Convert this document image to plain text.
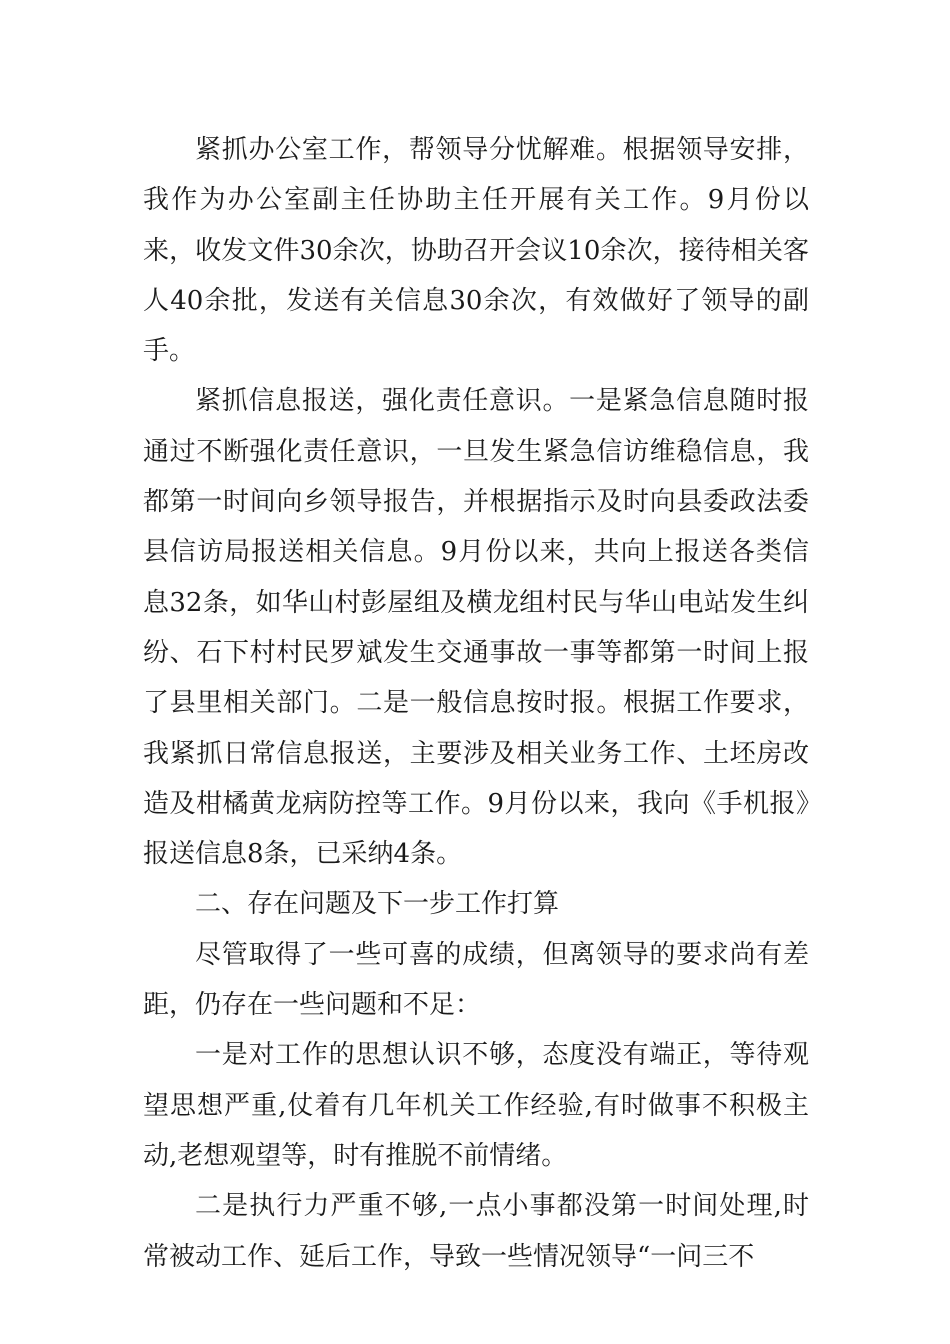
紧抓办公室工作，帮领导分忧解难。根据领导安排，我作为办公室副主任协助主任开展有关工作。9月份以来，收发文件30余次，协助召开会议10余次，接待相关客人40余批，发送有关信息30余次，有效做好了领导的副手。

紧抓信息报送，强化责任意识。一是紧急信息随时报通过不断强化责任意识，一旦发生紧急信访维稳信息，我都第一时间向乡领导报告，并根据指示及时向县委政法委县信访局报送相关信息。9月份以来，共向上报送各类信息32条，如华山村彭屋组及横龙组村民与华山电站发生纠纷、石下村村民罗斌发生交通事故一事等都第一时间上报了县里相关部门。二是一般信息按时报。根据工作要求，我紧抓日常信息报送，主要涉及相关业务工作、土坯房改造及柑橘黄龙病防控等工作。9月份以来，我向《手机报》报送信息8条，已采纳4条。

二、存在问题及下一步工作打算

尽管取得了一些可喜的成绩，但离领导的要求尚有差距，仍存在一些问题和不足：

一是对工作的思想认识不够，态度没有端正，等待观望思想严重,仗着有几年机关工作经验,有时做事不积极主动,老想观望等，时有推脱不前情绪。

二是执行力严重不够,一点小事都没第一时间处理,时常被动工作、延后工作，导致一些情况领导“一问三不
